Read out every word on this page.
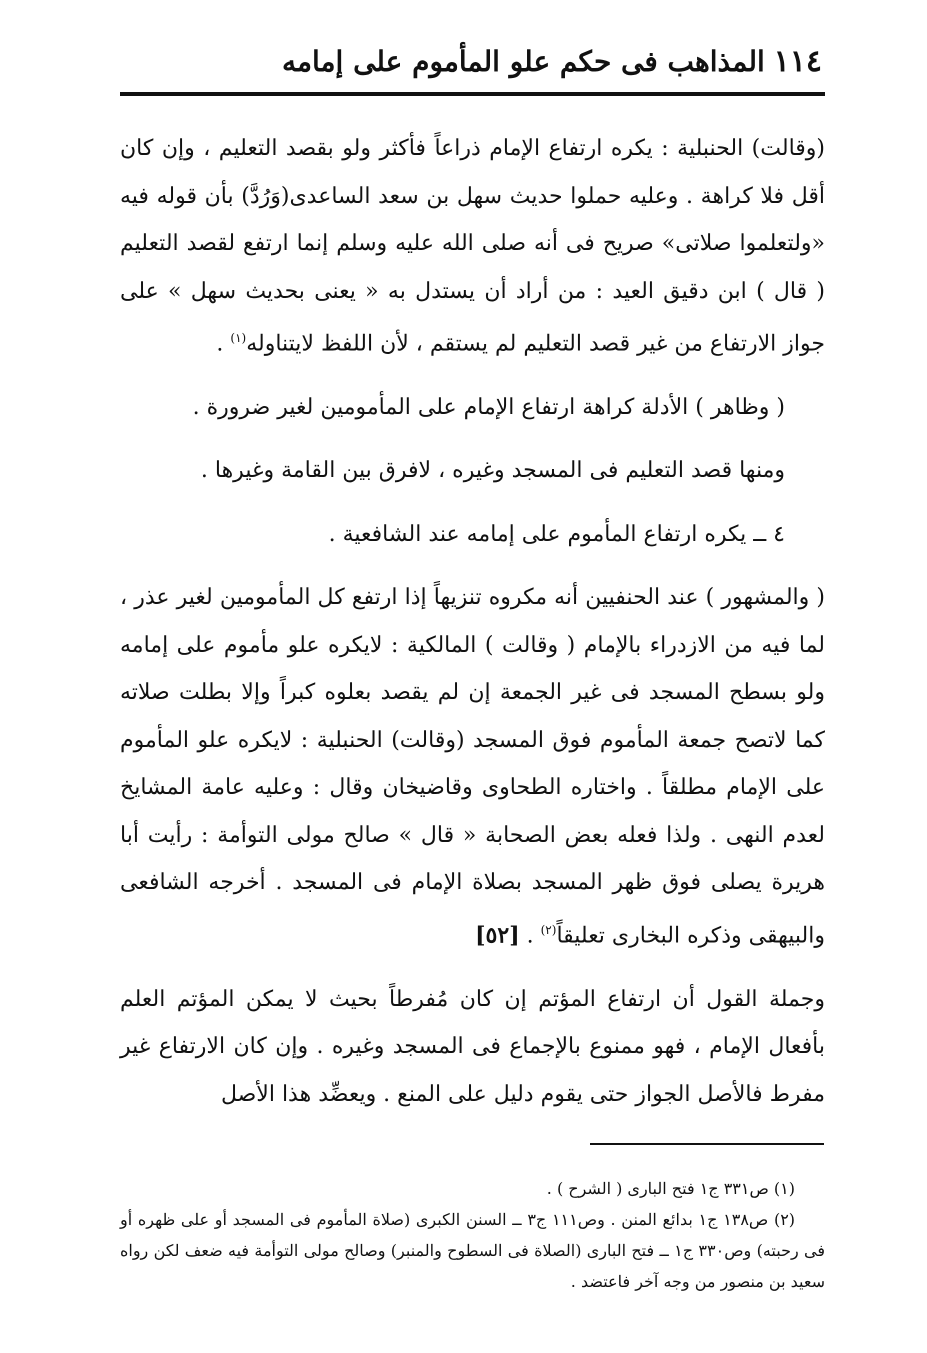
١١٤
المذاهب فى حكم علو المأموم على إمامه

(وقالت) الحنبلية : يكره ارتفاع الإمام ذراعاً فأكثر ولو بقصد التعليم ، وإن كان أقل فلا كراهة . وعليه حملوا حديث سهل بن سعد الساعدى(وَرُدَّ) بأن قوله فيه «ولتعلموا صلاتى» صريح فى أنه صلى الله عليه وسلم إنما ارتفع لقصد التعليم ( قال ) ابن دقيق العيد : من أراد أن يستدل به « يعنى بحديث سهل » على جواز الارتفاع من غير قصد التعليم لم يستقم ، لأن اللفظ لايتناوله$^{(١)}$ .

( وظاهر ) الأدلة كراهة ارتفاع الإمام على المأمومين لغير ضرورة .

ومنها قصد التعليم فى المسجد وغيره ، لافرق بين القامة وغيرها .

٤ ــ يكره ارتفاع المأموم على إمامه عند الشافعية .

( والمشهور ) عند الحنفيين أنه مكروه تنزيهاً إذا ارتفع كل المأمومين لغير عذر ، لما فيه من الازدراء بالإمام ( وقالت ) المالكية : لايكره علو مأموم على إمامه ولو بسطح المسجد فى غير الجمعة إن لم يقصد بعلوه كبراً وإلا بطلت صلاته كما لاتصح جمعة المأموم فوق المسجد (وقالت) الحنبلية : لايكره علو المأموم على الإمام مطلقاً . واختاره الطحاوى وقاضيخان وقال : وعليه عامة المشايخ لعدم النهى . ولذا فعله بعض الصحابة « قال » صالح مولى التوأمة : رأيت أبا هريرة يصلى فوق ظهر المسجد بصلاة الإمام فى المسجد . أخرجه الشافعى والبيهقى وذكره البخارى تعليقاً$^{(٢)}$ . [٥٢]

وجملة القول أن ارتفاع المؤتم إن كان مُفرطاً بحيث لا يمكن المؤتم العلم بأفعال الإمام ، فهو ممنوع بالإجماع فى المسجد وغيره . وإن كان الارتفاع غير مفرط فالأصل الجواز حتى يقوم دليل على المنع . ويعضِّد هذا الأصل

(١) ص٣٣١ ج١ فتح البارى ( الشرح ) .

(٢) ص١٣٨ ج١ بدائع المنن . وص١١١ ج٣ ــ السنن الكبرى (صلاة المأموم فى المسجد أو على ظهره أو فى رحبته) وص٣٣٠ ج١ ــ فتح البارى (الصلاة فى السطوح والمنبر) وصالح مولى التوأمة فيه ضعف لكن رواه سعيد بن منصور من وجه آخر فاعتضد .
